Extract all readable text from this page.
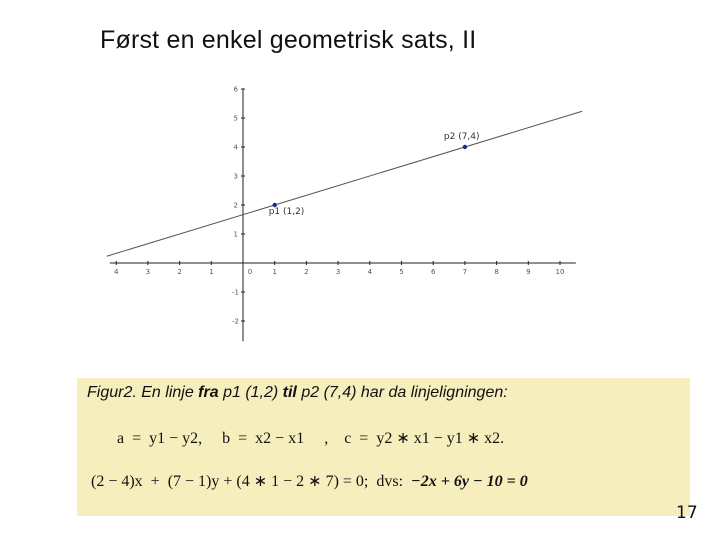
Først en enkel geometrisk sats, II
4	3	2	1	0	1	2	3	4	5	6	7	8	9	10
6
5
4
3
2
1
-1
-2
p1 (1,2)
p2 (7,4)

Figur2. En linje fra p1 (1,2) til p2 (7,4) har da linjeligningen:

a  =  y1 − y2,     b  =  x2 − x1     ,    c  =  y2 ∗ x1 − y1 ∗ x2.
(2 − 4)x  +  (7 − 1)y + (4 ∗ 1 − 2 ∗ 7) = 0;  dvs:  −2x + 6y − 10 = 0
17
